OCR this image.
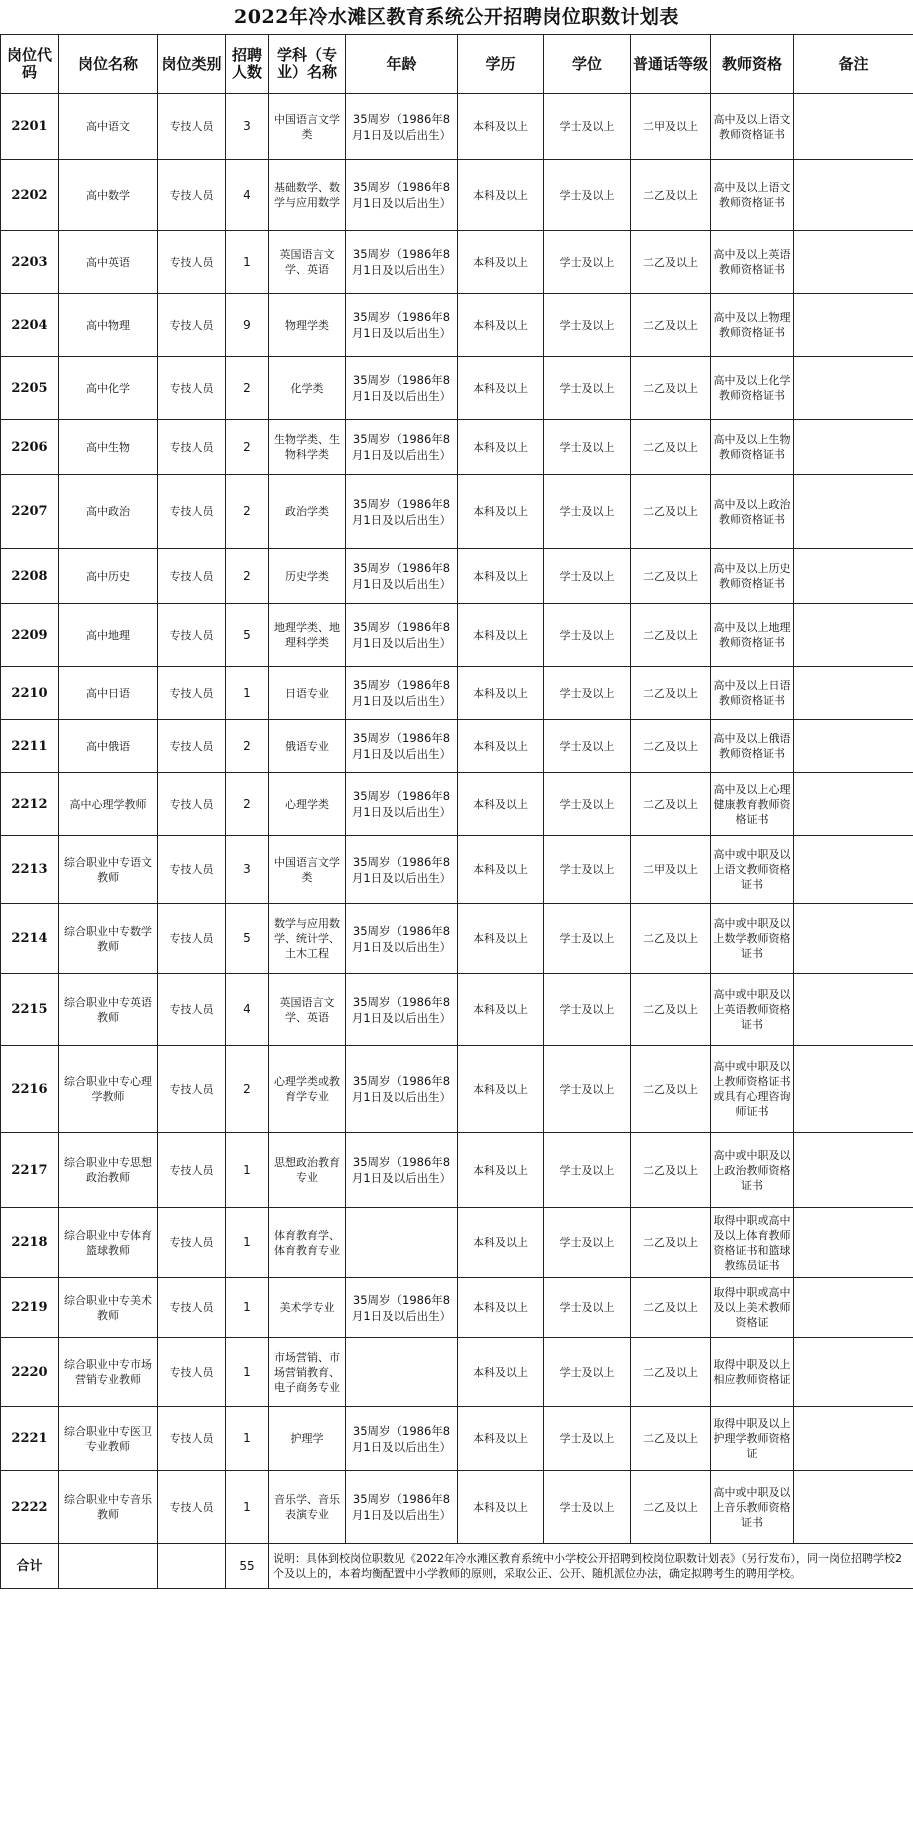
2022年冷水滩区教育系统公开招聘岗位职数计划表
岗位代码	岗位名称	岗位类别	招聘人数	学科（专业）名称	年龄	学历	学位	普通话等级	教师资格	备注
2201	高中语文	专技人员	3	中国语言文学类	35周岁（1986年8月1日及以后出生）	本科及以上	学士及以上	二甲及以上	高中及以上语文教师资格证书	
2202	高中数学	专技人员	4	基础数学、数学与应用数学	35周岁（1986年8月1日及以后出生）	本科及以上	学士及以上	二乙及以上	高中及以上语文教师资格证书	
2203	高中英语	专技人员	1	英国语言文学、英语	35周岁（1986年8月1日及以后出生）	本科及以上	学士及以上	二乙及以上	高中及以上英语教师资格证书	
2204	高中物理	专技人员	9	物理学类	35周岁（1986年8月1日及以后出生）	本科及以上	学士及以上	二乙及以上	高中及以上物理教师资格证书	
2205	高中化学	专技人员	2	化学类	35周岁（1986年8月1日及以后出生）	本科及以上	学士及以上	二乙及以上	高中及以上化学教师资格证书	
2206	高中生物	专技人员	2	生物学类、生物科学类	35周岁（1986年8月1日及以后出生）	本科及以上	学士及以上	二乙及以上	高中及以上生物教师资格证书	
2207	高中政治	专技人员	2	政治学类	35周岁（1986年8月1日及以后出生）	本科及以上	学士及以上	二乙及以上	高中及以上政治教师资格证书	
2208	高中历史	专技人员	2	历史学类	35周岁（1986年8月1日及以后出生）	本科及以上	学士及以上	二乙及以上	高中及以上历史教师资格证书	
2209	高中地理	专技人员	5	地理学类、地理科学类	35周岁（1986年8月1日及以后出生）	本科及以上	学士及以上	二乙及以上	高中及以上地理教师资格证书	
2210	高中日语	专技人员	1	日语专业	35周岁（1986年8月1日及以后出生）	本科及以上	学士及以上	二乙及以上	高中及以上日语教师资格证书	
2211	高中俄语	专技人员	2	俄语专业	35周岁（1986年8月1日及以后出生）	本科及以上	学士及以上	二乙及以上	高中及以上俄语教师资格证书	
2212	高中心理学教师	专技人员	2	心理学类	35周岁（1986年8月1日及以后出生）	本科及以上	学士及以上	二乙及以上	高中及以上心理健康教育教师资格证书	
2213	综合职业中专语文教师	专技人员	3	中国语言文学类	35周岁（1986年8月1日及以后出生）	本科及以上	学士及以上	二甲及以上	高中或中职及以上语文教师资格证书	
2214	综合职业中专数学教师	专技人员	5	数学与应用数学、统计学、土木工程	35周岁（1986年8月1日及以后出生）	本科及以上	学士及以上	二乙及以上	高中或中职及以上数学教师资格证书	
2215	综合职业中专英语教师	专技人员	4	英国语言文学、英语	35周岁（1986年8月1日及以后出生）	本科及以上	学士及以上	二乙及以上	高中或中职及以上英语教师资格证书	
2216	综合职业中专心理学教师	专技人员	2	心理学类或教育学专业	35周岁（1986年8月1日及以后出生）	本科及以上	学士及以上	二乙及以上	高中或中职及以上教师资格证书或具有心理咨询师证书	
2217	综合职业中专思想政治教师	专技人员	1	思想政治教育专业	35周岁（1986年8月1日及以后出生）	本科及以上	学士及以上	二乙及以上	高中或中职及以上政治教师资格证书	
2218	综合职业中专体育篮球教师	专技人员	1	体育教育学、体育教育专业		本科及以上	学士及以上	二乙及以上	取得中职或高中及以上体育教师资格证书和篮球教练员证书	
2219	综合职业中专美术教师	专技人员	1	美术学专业	35周岁（1986年8月1日及以后出生）	本科及以上	学士及以上	二乙及以上	取得中职或高中及以上美术教师资格证	
2220	综合职业中专市场营销专业教师	专技人员	1	市场营销、市场营销教育、电子商务专业		本科及以上	学士及以上	二乙及以上	取得中职及以上相应教师资格证	
2221	综合职业中专医卫专业教师	专技人员	1	护理学	35周岁（1986年8月1日及以后出生）	本科及以上	学士及以上	二乙及以上	取得中职及以上护理学教师资格证	
2222	综合职业中专音乐教师	专技人员	1	音乐学、音乐表演专业	35周岁（1986年8月1日及以后出生）	本科及以上	学士及以上	二乙及以上	高中或中职及以上音乐教师资格证书	
合计			55	说明：具体到校岗位职数见《2022年冷水滩区教育系统中小学校公开招聘到校岗位职数计划表》（另行发布），同一岗位招聘学校2个及以上的，本着均衡配置中小学教师的原则，采取公正、公开、随机派位办法，确定拟聘考生的聘用学校。						
